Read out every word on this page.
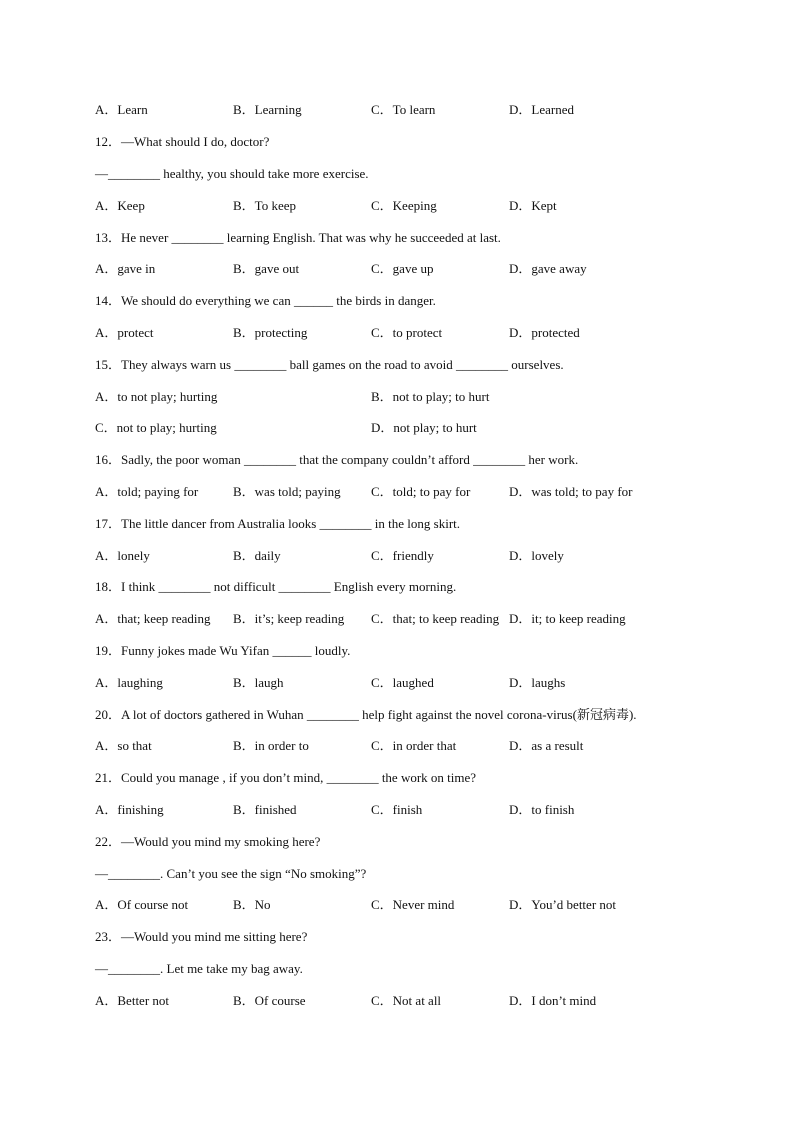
A．Learn	B．Learning	C．To learn	D．Learned
12．—What should I do, doctor?
—________ healthy, you should take more exercise.
A．Keep	B．To keep	C．Keeping	D．Kept
13．He never ________ learning English. That was why he succeeded at last.
A．gave in	B．gave out	C．gave up	D．gave away
14．We should do everything we can ______ the birds in danger.
A．protect	B．protecting	C．to protect	D．protected
15．They always warn us ________ ball games on the road to avoid ________ ourselves.
A．to not play; hurting	B．not to play; to hurt
C．not to play; hurting	D．not play; to hurt
16．Sadly, the poor woman ________ that the company couldn’t afford ________ her work.
A．told; paying for	B．was told; paying C．told; to pay for	D．was told; to pay for
17．The little dancer from Australia looks ________ in the long skirt.
A．lonely	B．daily	C．friendly	D．lovely
18．I think ________ not difficult ________ English every morning.
A．that; keep reading B．it’s; keep reading C．that; to keep reading D．it; to keep reading
19．Funny jokes made Wu Yifan ______ loudly.
A．laughing	B．laugh	C．laughed	D．laughs
20．A lot of doctors gathered in Wuhan ________ help fight against the novel corona-virus(新冠病毒).
A．so that	B．in order to	C．in order that	D．as a result
21．Could you manage , if you don’t mind, ________ the work on time?
A．finishing	B．finished	C．finish	D．to finish
22．—Would you mind my smoking here?
—________. Can’t you see the sign “No smoking”?
A．Of course not	B．No	C．Never mind	D．You’d better not
23．—Would you mind me sitting here?
—________. Let me take my bag away.
A．Better not	B．Of course	C．Not at all	D．I don’t mind
